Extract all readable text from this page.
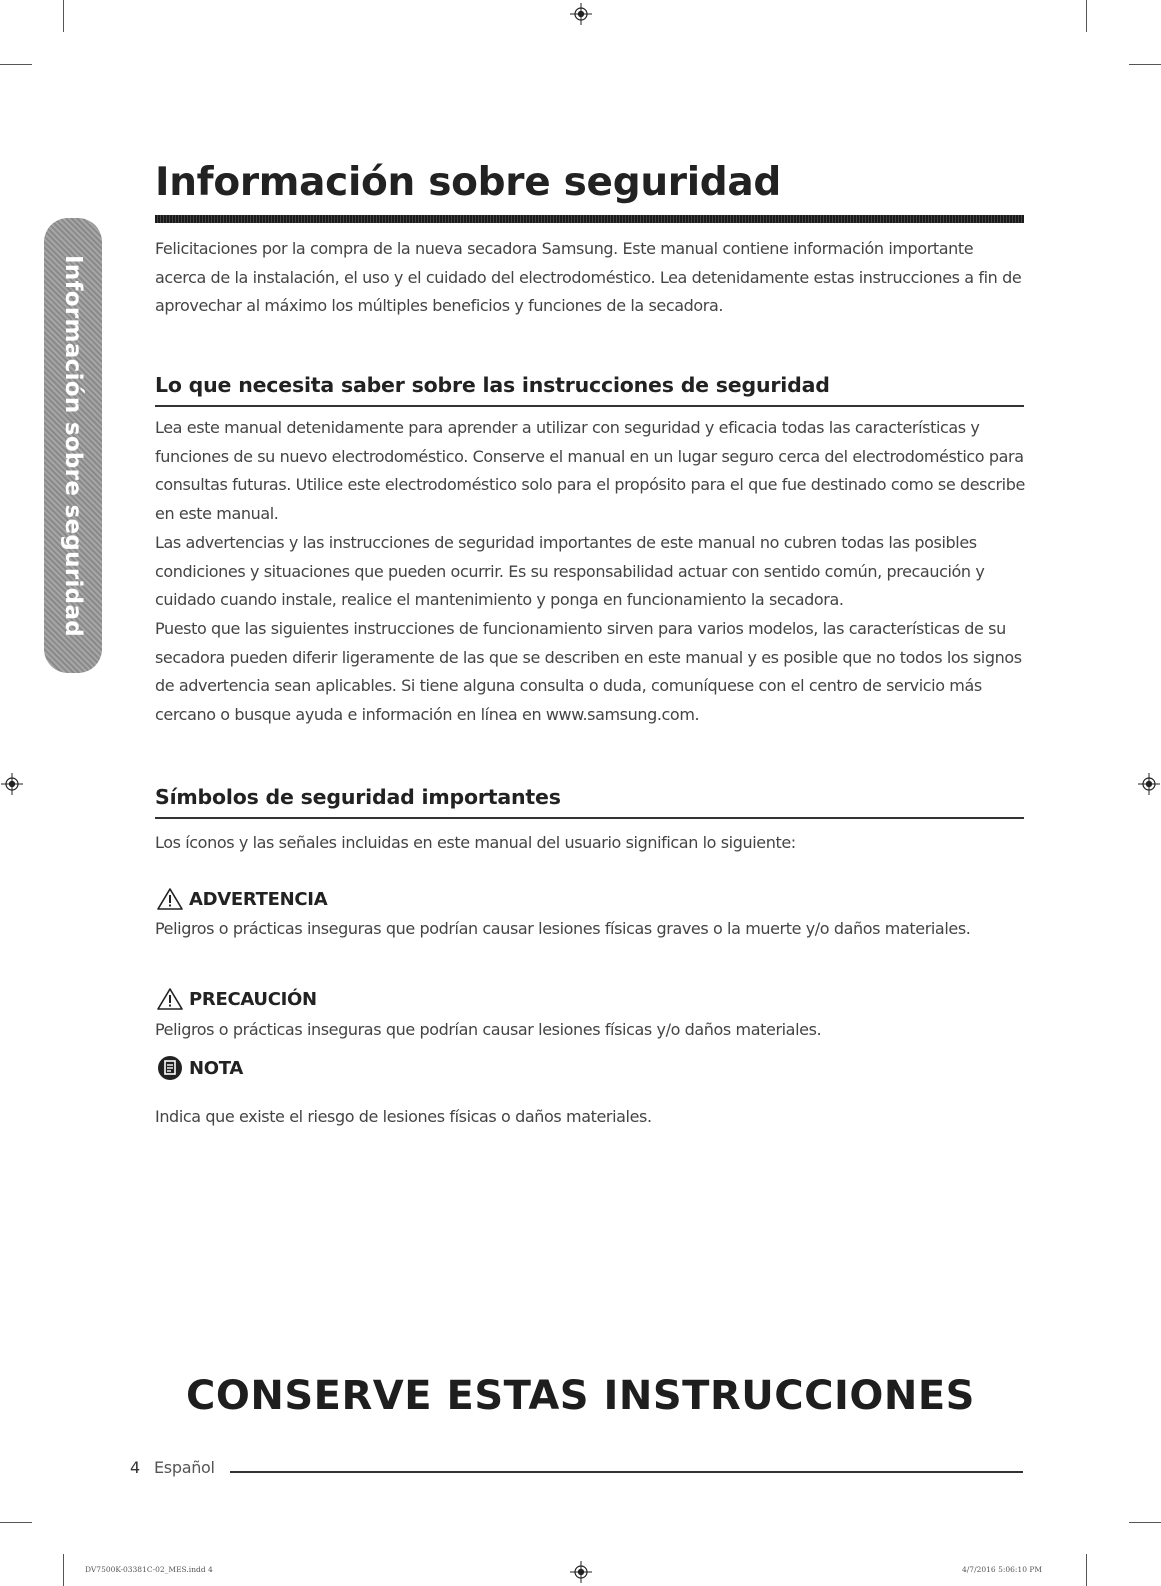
Información sobre seguridad
Información sobre seguridad

Felicitaciones por la compra de la nueva secadora Samsung. Este manual contiene información importante acerca de la instalación, el uso y el cuidado del electrodoméstico. Lea detenidamente estas instrucciones a fin de aprovechar al máximo los múltiples beneficios y funciones de la secadora.

Lo que necesita saber sobre las instrucciones de seguridad

Lea este manual detenidamente para aprender a utilizar con seguridad y eficacia todas las características y funciones de su nuevo electrodoméstico. Conserve el manual en un lugar seguro cerca del electrodoméstico para consultas futuras. Utilice este electrodoméstico solo para el propósito para el que fue destinado como se describe en este manual.

Las advertencias y las instrucciones de seguridad importantes de este manual no cubren todas las posibles condiciones y situaciones que pueden ocurrir. Es su responsabilidad actuar con sentido común, precaución y cuidado cuando instale, realice el mantenimiento y ponga en funcionamiento la secadora.

Puesto que las siguientes instrucciones de funcionamiento sirven para varios modelos, las características de su secadora pueden diferir ligeramente de las que se describen en este manual y es posible que no todos los signos de advertencia sean aplicables. Si tiene alguna consulta o duda, comuníquese con el centro de servicio más cercano o busque ayuda e información en línea en www.samsung.com.

Símbolos de seguridad importantes

Los íconos y las señales incluidas en este manual del usuario significan lo siguiente:

ADVERTENCIA

Peligros o prácticas inseguras que podrían causar lesiones físicas graves o la muerte y/o daños materiales.

PRECAUCIÓN

Peligros o prácticas inseguras que podrían causar lesiones físicas y/o daños materiales.

NOTA

Indica que existe el riesgo de lesiones físicas o daños materiales.

CONSERVE ESTAS INSTRUCCIONES
4 Español
DV7500K-03381C-02_MES.indd 4	4/7/2016 5:06:10 PM
